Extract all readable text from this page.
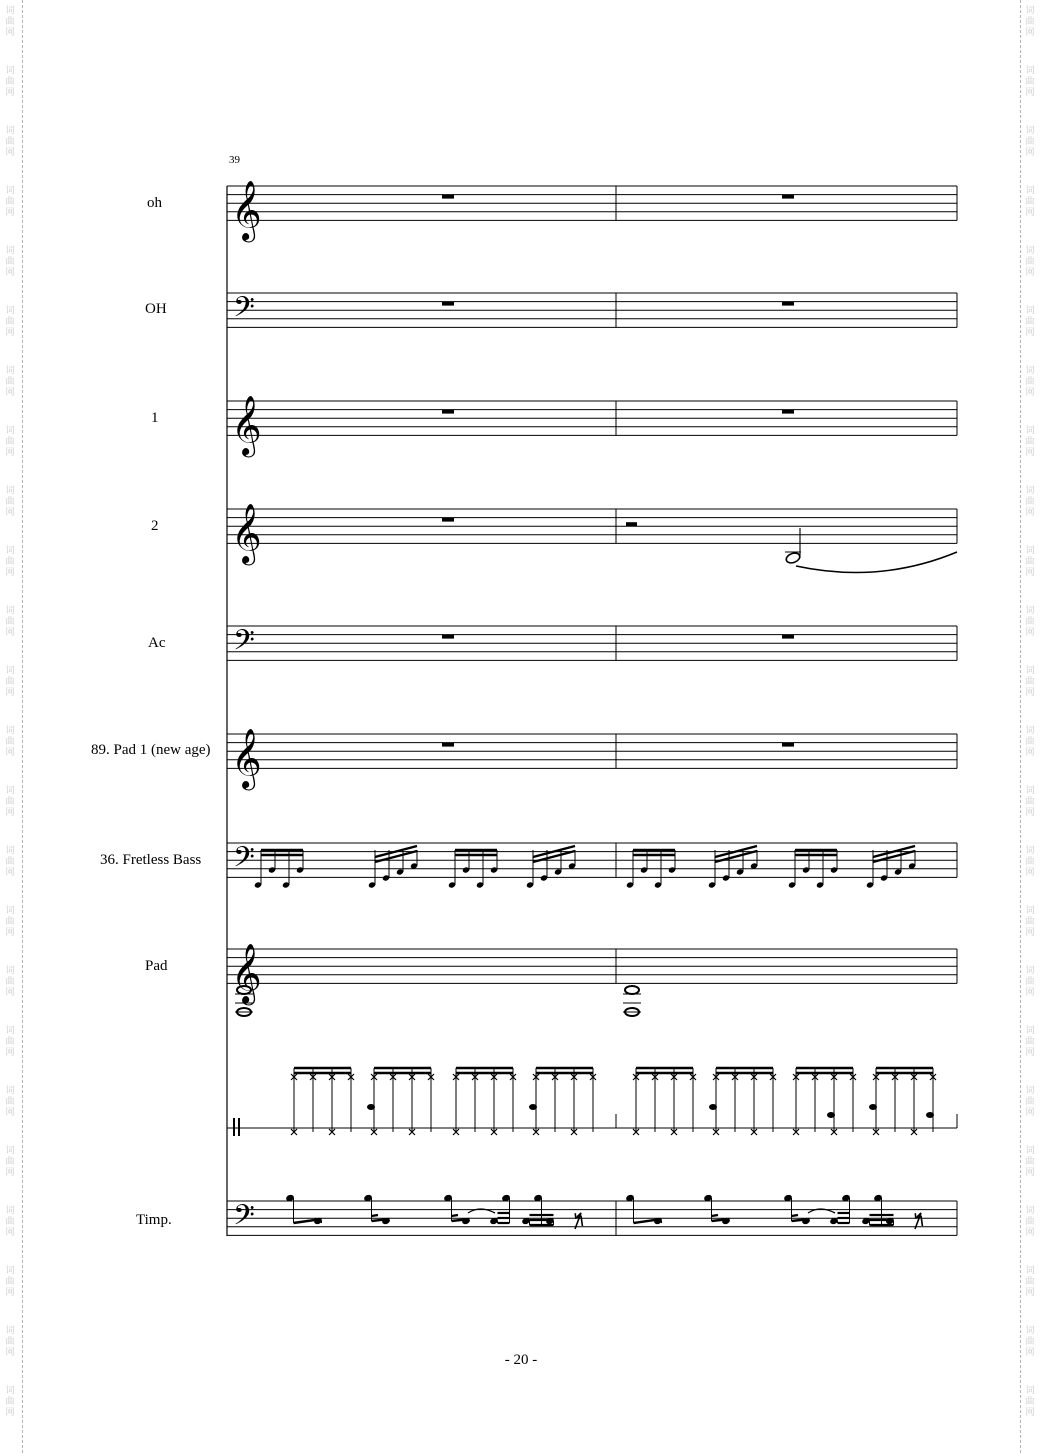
词
曲
网
词
曲
网
词
曲
网
词
曲
网
词
曲
网
词
曲
网
词
曲
网
词
曲
网
词
曲
网
词
曲
网
词
曲
网
词
曲
网
词
曲
网
词
曲
网
词
曲
网
词
曲
网
词
曲
网
词
曲
网
词
曲
网
词
曲
网
词
曲
网
词
曲
网
词
曲
网
词
曲
网
词
曲
网
词
曲
网
词
曲
网
词
曲
网
词
曲
网
词
曲
网
词
曲
网
词
曲
网
词
曲
网
词
曲
网
词
曲
网
词
曲
网
词
曲
网
词
曲
网
词
曲
网
词
曲
网
词
曲
网
词
曲
网
词
曲
网
词
曲
网
词
曲
网
词
曲
网
词
曲
网
词
曲
网
39
oh
OH
1
2
Ac
89. Pad 1 (new age)
36. Fretless Bass
Pad
Timp.
𝄞
𝄢
𝄞
𝄞
𝄢
𝄞
𝄢
𝄞
𝄢	𝈿	𝈿
- 20 -
